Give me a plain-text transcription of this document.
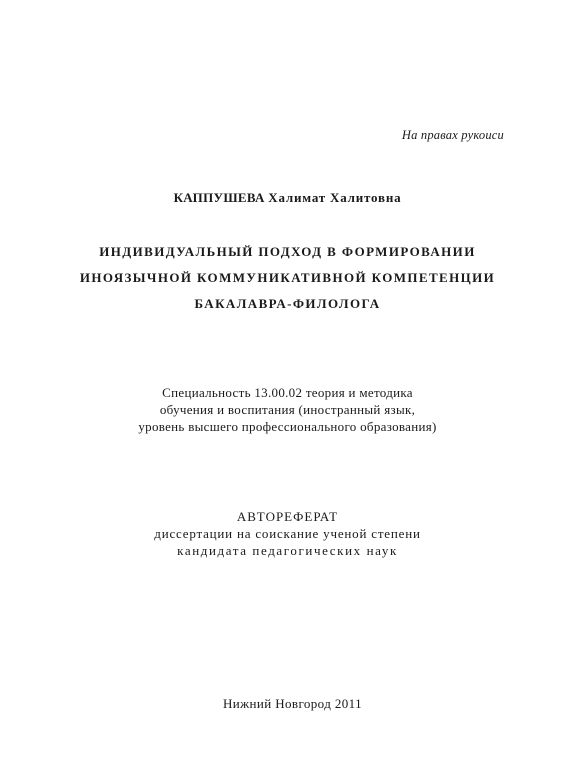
На правах рукоиси
КАППУШЕВА Халимат Халитовна
ИНДИВИДУАЛЬНЫЙ ПОДХОД В ФОРМИРОВАНИИ
ИНОЯЗЫЧНОЙ КОММУНИКАТИВНОЙ КОМПЕТЕНЦИИ
БАКАЛАВРА-ФИЛОЛОГА
Специальность 13.00.02 теория и методика
обучения и воспитания (иностранный язык,
уровень высшего профессионального образования)
АВТОРЕФЕРАТ
диссертации на соискание ученой степени
кандидата педагогических наук
Нижний Новгород 2011
